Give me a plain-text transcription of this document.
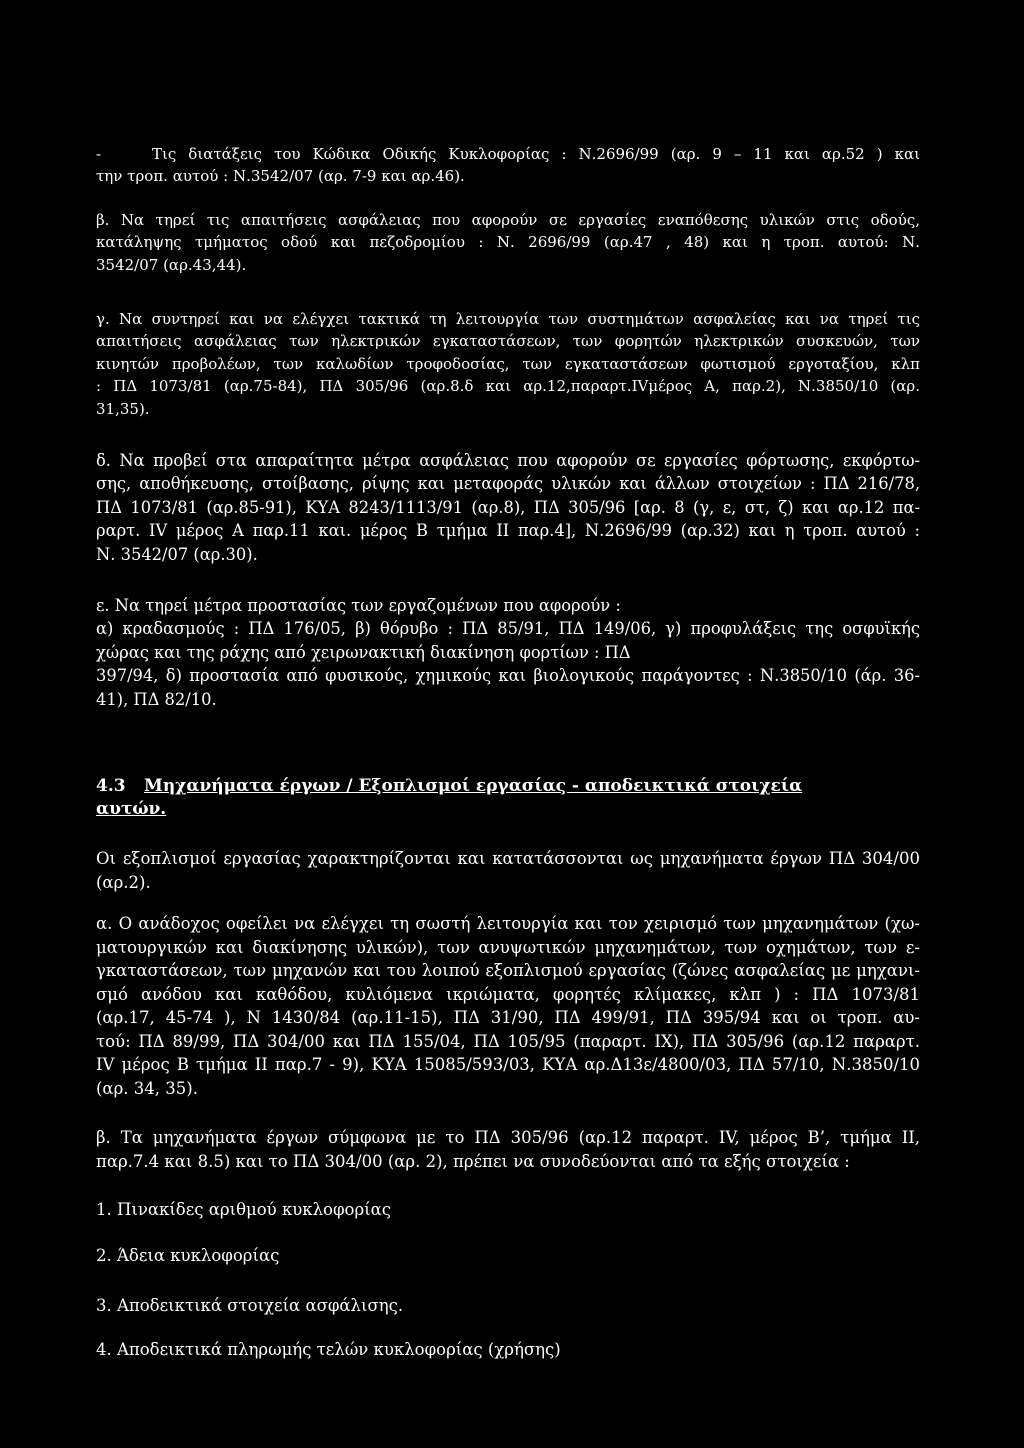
-	Τις διατάξεις του Κώδικα Οδικής Κυκλοφορίας : Ν.2696/99 (αρ. 9 – 11 και αρ.52 ) και
την τροπ. αυτού : Ν.3542/07 (αρ. 7-9 και αρ.46).
β. Να τηρεί τις απαιτήσεις ασφάλειας που αφορούν σε εργασίες εναπόθεσης υλικών στις οδούς,
κατάληψης τμήματος οδού και πεζοδρομίου : Ν. 2696/99 (αρ.47 , 48) και η τροπ. αυτού: Ν.
3542/07 (αρ.43,44).
γ. Να συντηρεί και να ελέγχει τακτικά τη λειτουργία των συστημάτων ασφαλείας και να τηρεί τις
απαιτήσεις ασφάλειας των ηλεκτρικών εγκαταστάσεων, των φορητών ηλεκτρικών συσκευών, των
κινητών προβολέων, των καλωδίων τροφοδοσίας, των εγκαταστάσεων φωτισμού εργοταξίου, κλπ
: ΠΔ 1073/81 (αρ.75-84), ΠΔ 305/96 (αρ.8.δ και αρ.12,παραρτ.IVμέρος Α, παρ.2), Ν.3850/10 (αρ.
31,35).
δ. Να προβεί στα απαραίτητα μέτρα ασφάλειας που αφορούν σε εργασίες φόρτωσης, εκφόρτω-
σης, αποθήκευσης, στοίβασης, ρίψης και μεταφοράς υλικών και άλλων στοιχείων : ΠΔ 216/78,
ΠΔ 1073/81 (αρ.85-91), ΚΥΑ 8243/1113/91 (αρ.8), ΠΔ 305/96 [αρ. 8 (γ, ε, στ, ζ) και αρ.12 πα-
ραρτ. IV μέρος Α παρ.11 και. μέρος Β τμήμα ΙΙ παρ.4], Ν.2696/99 (αρ.32) και η τροπ. αυτού :
Ν. 3542/07 (αρ.30).
ε. Να τηρεί μέτρα προστασίας των εργαζομένων που αφορούν :
α) κραδασμούς : ΠΔ 176/05, β) θόρυβο : ΠΔ 85/91, ΠΔ 149/06, γ) προφυλάξεις της οσφυϊκής
χώρας και της ράχης από χειρωνακτική διακίνηση φορτίων : ΠΔ
397/94, δ) προστασία από φυσικούς, χημικούς και βιολογικούς παράγοντες : Ν.3850/10 (άρ. 36-
41), ΠΔ 82/10.
4.3 Μηχανήματα έργων / Εξοπλισμοί εργασίας - αποδεικτικά στοιχεία
αυτών.
Οι εξοπλισμοί εργασίας χαρακτηρίζονται και κατατάσσονται ως μηχανήματα έργων ΠΔ 304/00
(αρ.2).
α. Ο ανάδοχος οφείλει να ελέγχει τη σωστή λειτουργία και τον χειρισμό των μηχανημάτων (χω-
ματουργικών και διακίνησης υλικών), των ανυψωτικών μηχανημάτων, των οχημάτων, των ε-
γκαταστάσεων, των μηχανών και του λοιπού εξοπλισμού εργασίας (ζώνες ασφαλείας με μηχανι-
σμό ανόδου και καθόδου, κυλιόμενα ικριώματα, φορητές κλίμακες, κλπ ) : ΠΔ 1073/81
(αρ.17, 45-74 ), Ν 1430/84 (αρ.11-15), ΠΔ 31/90, ΠΔ 499/91, ΠΔ 395/94 και οι τροπ. αυ-
τού: ΠΔ 89/99, ΠΔ 304/00 και ΠΔ 155/04, ΠΔ 105/95 (παραρτ. IX), ΠΔ 305/96 (αρ.12 παραρτ.
IV μέρος Β τμήμα ΙΙ παρ.7 - 9), ΚΥΑ 15085/593/03, ΚΥΑ αρ.Δ13ε/4800/03, ΠΔ 57/10, Ν.3850/10
(αρ. 34, 35).
β. Τα μηχανήματα έργων σύμφωνα με το ΠΔ 305/96 (αρ.12 παραρτ. IV, μέρος Β’, τμήμα ΙΙ,
παρ.7.4 και 8.5) και το ΠΔ 304/00 (αρ. 2), πρέπει να συνοδεύονται από τα εξής στοιχεία :
1. Πινακίδες αριθμού κυκλοφορίας
2. Άδεια κυκλοφορίας
3. Αποδεικτικά στοιχεία ασφάλισης.
4. Αποδεικτικά πληρωμής τελών κυκλοφορίας (χρήσης)
